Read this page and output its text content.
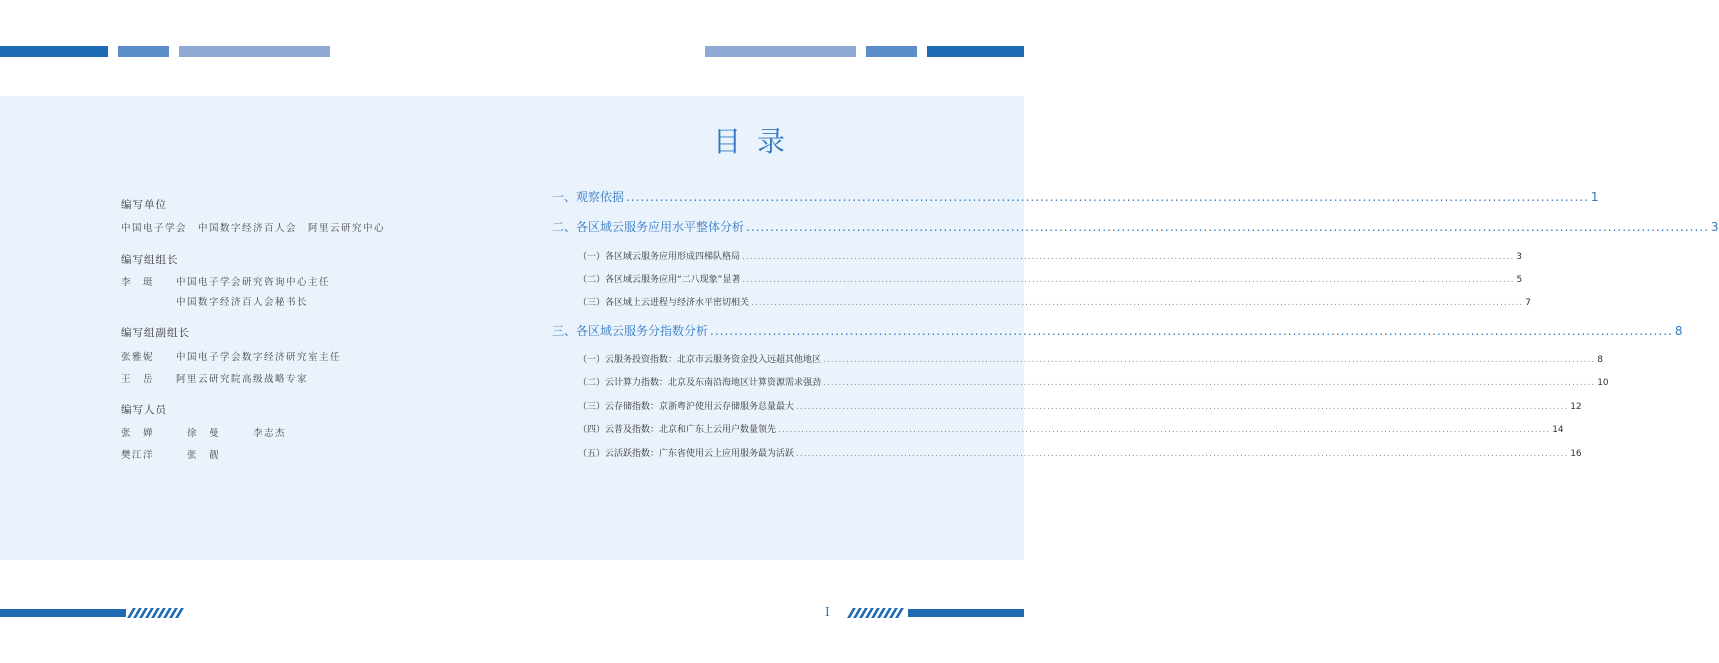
编写单位
中国电子学会　中国数字经济百人会　阿里云研究中心
编写组组长
李　珽　　中国电子学会研究咨询中心主任
　　　　　中国数字经济百人会秘书长
编写组副组长
张雅妮　　中国电子学会数字经济研究室主任
王　岳　　阿里云研究院高级战略专家
编写人员
张　婵　　　徐　曼　　　李志杰
樊江洋　　　张　靓
目录
一、观察依据 ........................................................................................................................................................................................................ 1
二、各区域云服务应用水平整体分析 ........................................................................................................................................................................................................ 3
（一）各区域云服务应用形成四梯队格局 ........................................................................................................................................................................................................ 3
（二）各区域云服务应用“二八现象”显著 ........................................................................................................................................................................................................ 5
（三）各区域上云进程与经济水平密切相关 ........................................................................................................................................................................................................ 7
三、各区域云服务分指数分析 ........................................................................................................................................................................................................ 8
（一）云服务投资指数：北京市云服务资金投入远超其他地区 ........................................................................................................................................................................................................ 8
（二）云计算力指数：北京及东南沿海地区计算资源需求强劲 ........................................................................................................................................................................................................ 10
（三）云存储指数：京浙粤沪使用云存储服务总量最大 ........................................................................................................................................................................................................ 12
（四）云普及指数：北京和广东上云用户数量领先 ........................................................................................................................................................................................................ 14
（五）云活跃指数：广东省使用云上应用服务最为活跃 ........................................................................................................................................................................................................ 16
I
